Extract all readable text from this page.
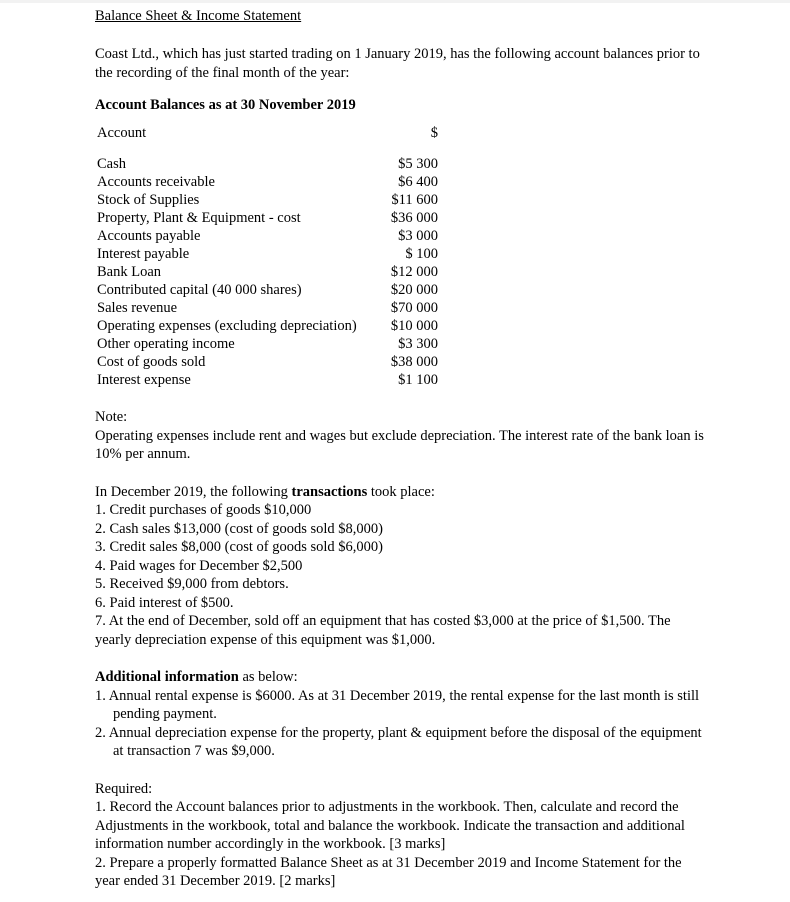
Balance Sheet & Income Statement

Coast Ltd., which has just started trading on 1 January 2019, has the following account balances prior to the recording of the final month of the year:

Account Balances as at 30 November 2019
Account	$

Cash	$5 300
Accounts receivable	$6 400
Stock of Supplies	$11 600
Property, Plant & Equipment - cost	$36 000
Accounts payable	$3 000
Interest payable	$ 100
Bank Loan	$12 000
Contributed capital (40 000 shares)	$20 000
Sales revenue	$70 000
Operating expenses (excluding depreciation)	$10 000
Other operating income	$3 300
Cost of goods sold	$38 000
Interest expense	$1 100

Note:

Operating expenses include rent and wages but exclude depreciation. The interest rate of the bank loan is 10% per annum.

In December 2019, the following transactions took place:

1. Credit purchases of goods $10,000
2. Cash sales $13,000 (cost of goods sold $8,000)
3. Credit sales $8,000 (cost of goods sold $6,000)
4. Paid wages for December $2,500
5. Received $9,000 from debtors.
6. Paid interest of $500.
7. At the end of December, sold off an equipment that has costed $3,000 at the price of $1,500. The yearly depreciation expense of this equipment was $1,000.

Additional information as below:

1. Annual rental expense is $6000. As at 31 December 2019, the rental expense for the last month is still pending payment.
2. Annual depreciation expense for the property, plant & equipment before the disposal of the equipment at transaction 7 was $9,000.

Required:

1. Record the Account balances prior to adjustments in the workbook. Then, calculate and record the Adjustments in the workbook, total and balance the workbook. Indicate the transaction and additional information number accordingly in the workbook. [3 marks]
2. Prepare a properly formatted Balance Sheet as at 31 December 2019 and Income Statement for the year ended 31 December 2019. [2 marks]
